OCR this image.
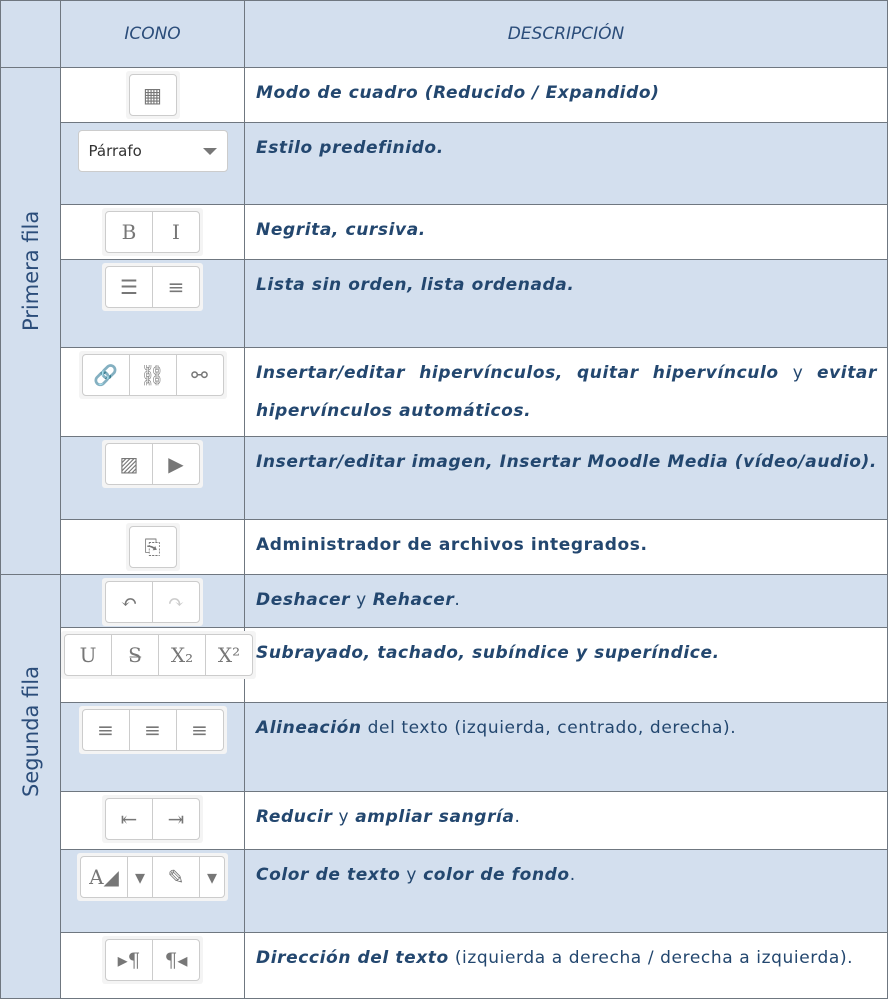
	ICONO	DESCRIPCIÓN

Primera fila	▦	Modo de cuadro (Reducido / Expandido)

	Párrafo	Estilo predefinido.

B I	Negrita, cursiva.

☰ ≡	Lista sin orden, lista ordenada.

🔗 ⛓ ⚯	Insertar/editar hipervínculos, quitar hipervínculo y evitar hipervínculos automáticos.

▨ ▶	Insertar/editar imagen, Insertar Moodle Media (vídeo/audio).

⎘	Administrador de archivos integrados.

Segunda fila	↶ ↷	Deshacer y Rehacer.

U S̶ X₂ X²	Subrayado, tachado, subíndice y superíndice.

≡ ≡ ≡	Alineación del texto (izquierda, centrado, derecha).

⇤ ⇥	Reducir y ampliar sangría.

A◢ ▾ ✎ ▾	Color de texto y color de fondo.

▸¶ ¶◂	Dirección del texto (izquierda a derecha / derecha a izquierda).
